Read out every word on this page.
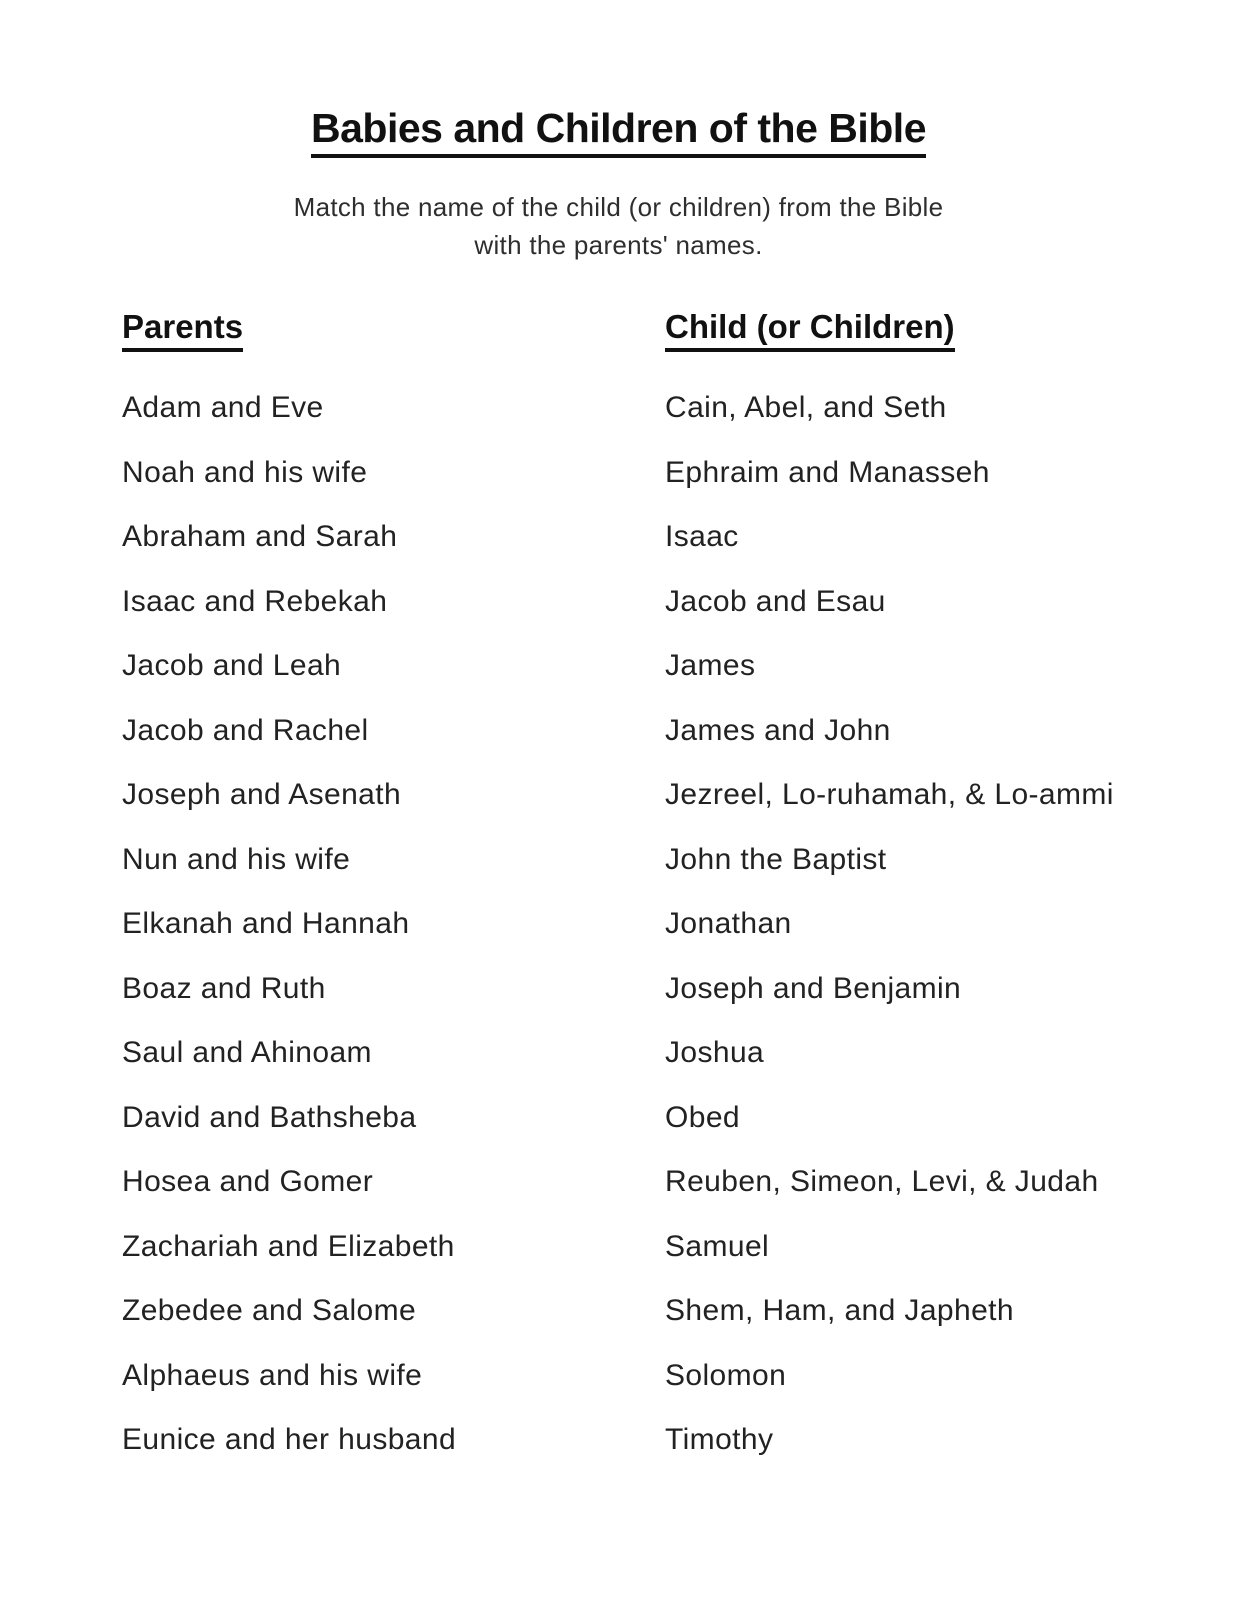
Babies and Children of the Bible
Match the name of the child (or children) from the Bible
with the parents' names.
Parents	Child (or Children)
Adam and Eve	Cain, Abel, and Seth
Noah and his wife	Ephraim and Manasseh
Abraham and Sarah	Isaac
Isaac and Rebekah	Jacob and Esau
Jacob and Leah	James
Jacob and Rachel	James and John
Joseph and Asenath	Jezreel, Lo-ruhamah, & Lo-ammi
Nun and his wife	John the Baptist
Elkanah and Hannah	Jonathan
Boaz and Ruth	Joseph and Benjamin
Saul and Ahinoam	Joshua
David and Bathsheba	Obed
Hosea and Gomer	Reuben, Simeon, Levi, & Judah
Zachariah and Elizabeth	Samuel
Zebedee and Salome	Shem, Ham, and Japheth
Alphaeus and his wife	Solomon
Eunice and her husband	Timothy
